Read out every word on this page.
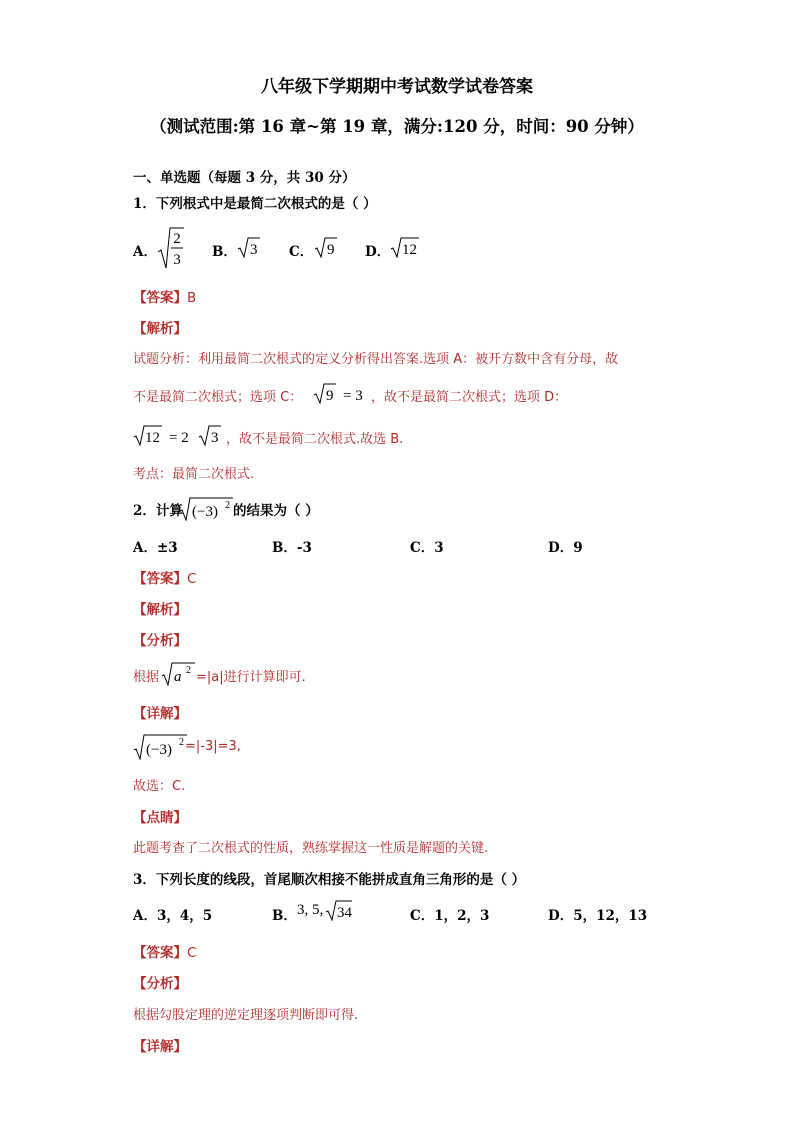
八年级下学期期中考试数学试卷答案
（测试范围:第 16 章~第 19 章，满分:120 分，时间：90 分钟）
一、单选题（每题 3 分，共 30 分）
1．下列根式中是最简二次根式的是（ ）
A．
2
3 B． 3 C． 9 D． 12
【答案】B
【解析】
试题分析：利用最简二次根式的定义分析得出答案.选项 A：被开方数中含有分母，故
不是最简二次根式；选项 C： 9 = 3 ，故不是最简二次根式；选项 D：
12 = 2 3 ，故不是最简二次根式.故选 B.
考点：最简二次根式.
2．计算 (−3) 2 的结果为（ ）
A．±3	B．-3	C．3	D．9
【答案】C
【解析】
【分析】
根据 a 2 =|a|进行计算即可.
【详解】
(−3) 2 =|-3|=3,
故选：C.
【点睛】
此题考查了二次根式的性质，熟练掌握这一性质是解题的关键.
3．下列长度的线段，首尾顺次相接不能拼成直角三角形的是（ ）
A．3，4，5	B． 3, 5, 34	C．1，2，3	D．5，12，13
【答案】C
【分析】
根据勾股定理的逆定理逐项判断即可得.
【详解】
